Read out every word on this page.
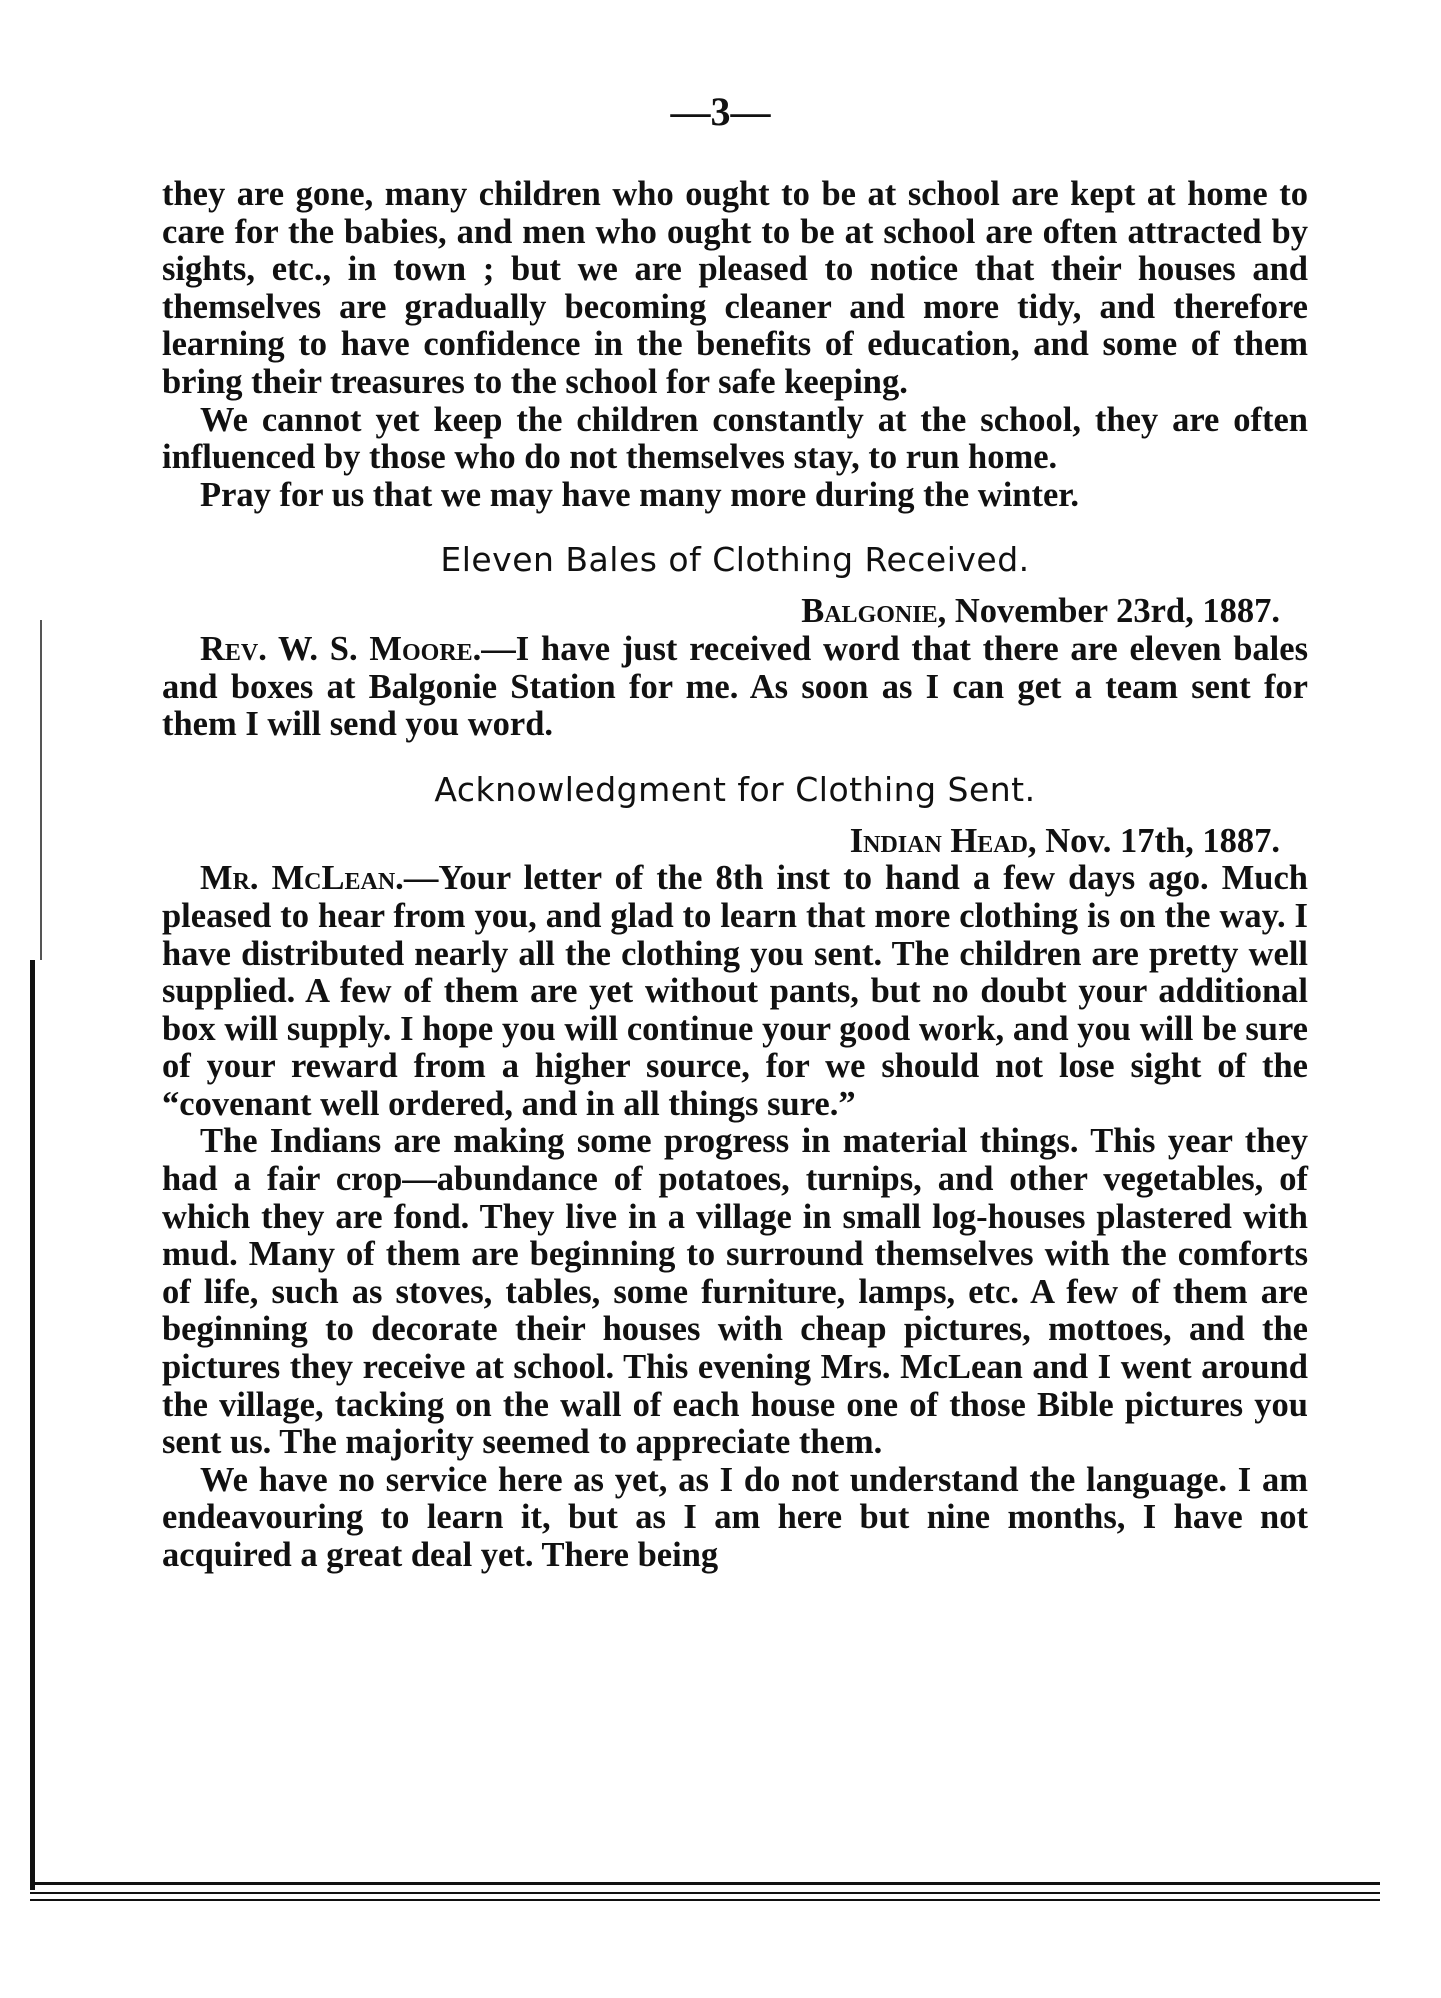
—3—

they are gone, many children who ought to be at school are kept at home to care for the babies, and men who ought to be at school are often attracted by sights, etc., in town ; but we are pleased to notice that their houses and themselves are gradually becoming cleaner and more tidy, and therefore learning to have confidence in the benefits of education, and some of them bring their treasures to the school for safe keeping.

We cannot yet keep the children constantly at the school, they are often influenced by those who do not themselves stay, to run home.

Pray for us that we may have many more during the winter.

Eleven Bales of Clothing Received.

Balgonie, November 23rd, 1887.

Rev. W. S. Moore.—I have just received word that there are eleven bales and boxes at Balgonie Station for me. As soon as I can get a team sent for them I will send you word.

Acknowledgment for Clothing Sent.

Indian Head, Nov. 17th, 1887.

Mr. McLean.—Your letter of the 8th inst to hand a few days ago. Much pleased to hear from you, and glad to learn that more clothing is on the way. I have distributed nearly all the clothing you sent. The children are pretty well supplied. A few of them are yet without pants, but no doubt your additional box will supply. I hope you will continue your good work, and you will be sure of your reward from a higher source, for we should not lose sight of the “covenant well ordered, and in all things sure.”

The Indians are making some progress in material things. This year they had a fair crop—abundance of potatoes, turnips, and other vegetables, of which they are fond. They live in a village in small log-houses plastered with mud. Many of them are beginning to surround themselves with the comforts of life, such as stoves, tables, some furniture, lamps, etc. A few of them are beginning to decorate their houses with cheap pictures, mottoes, and the pictures they receive at school. This evening Mrs. McLean and I went around the village, tacking on the wall of each house one of those Bible pictures you sent us. The majority seemed to appreciate them.

We have no service here as yet, as I do not understand the language. I am endeavouring to learn it, but as I am here but nine months, I have not acquired a great deal yet. There being
